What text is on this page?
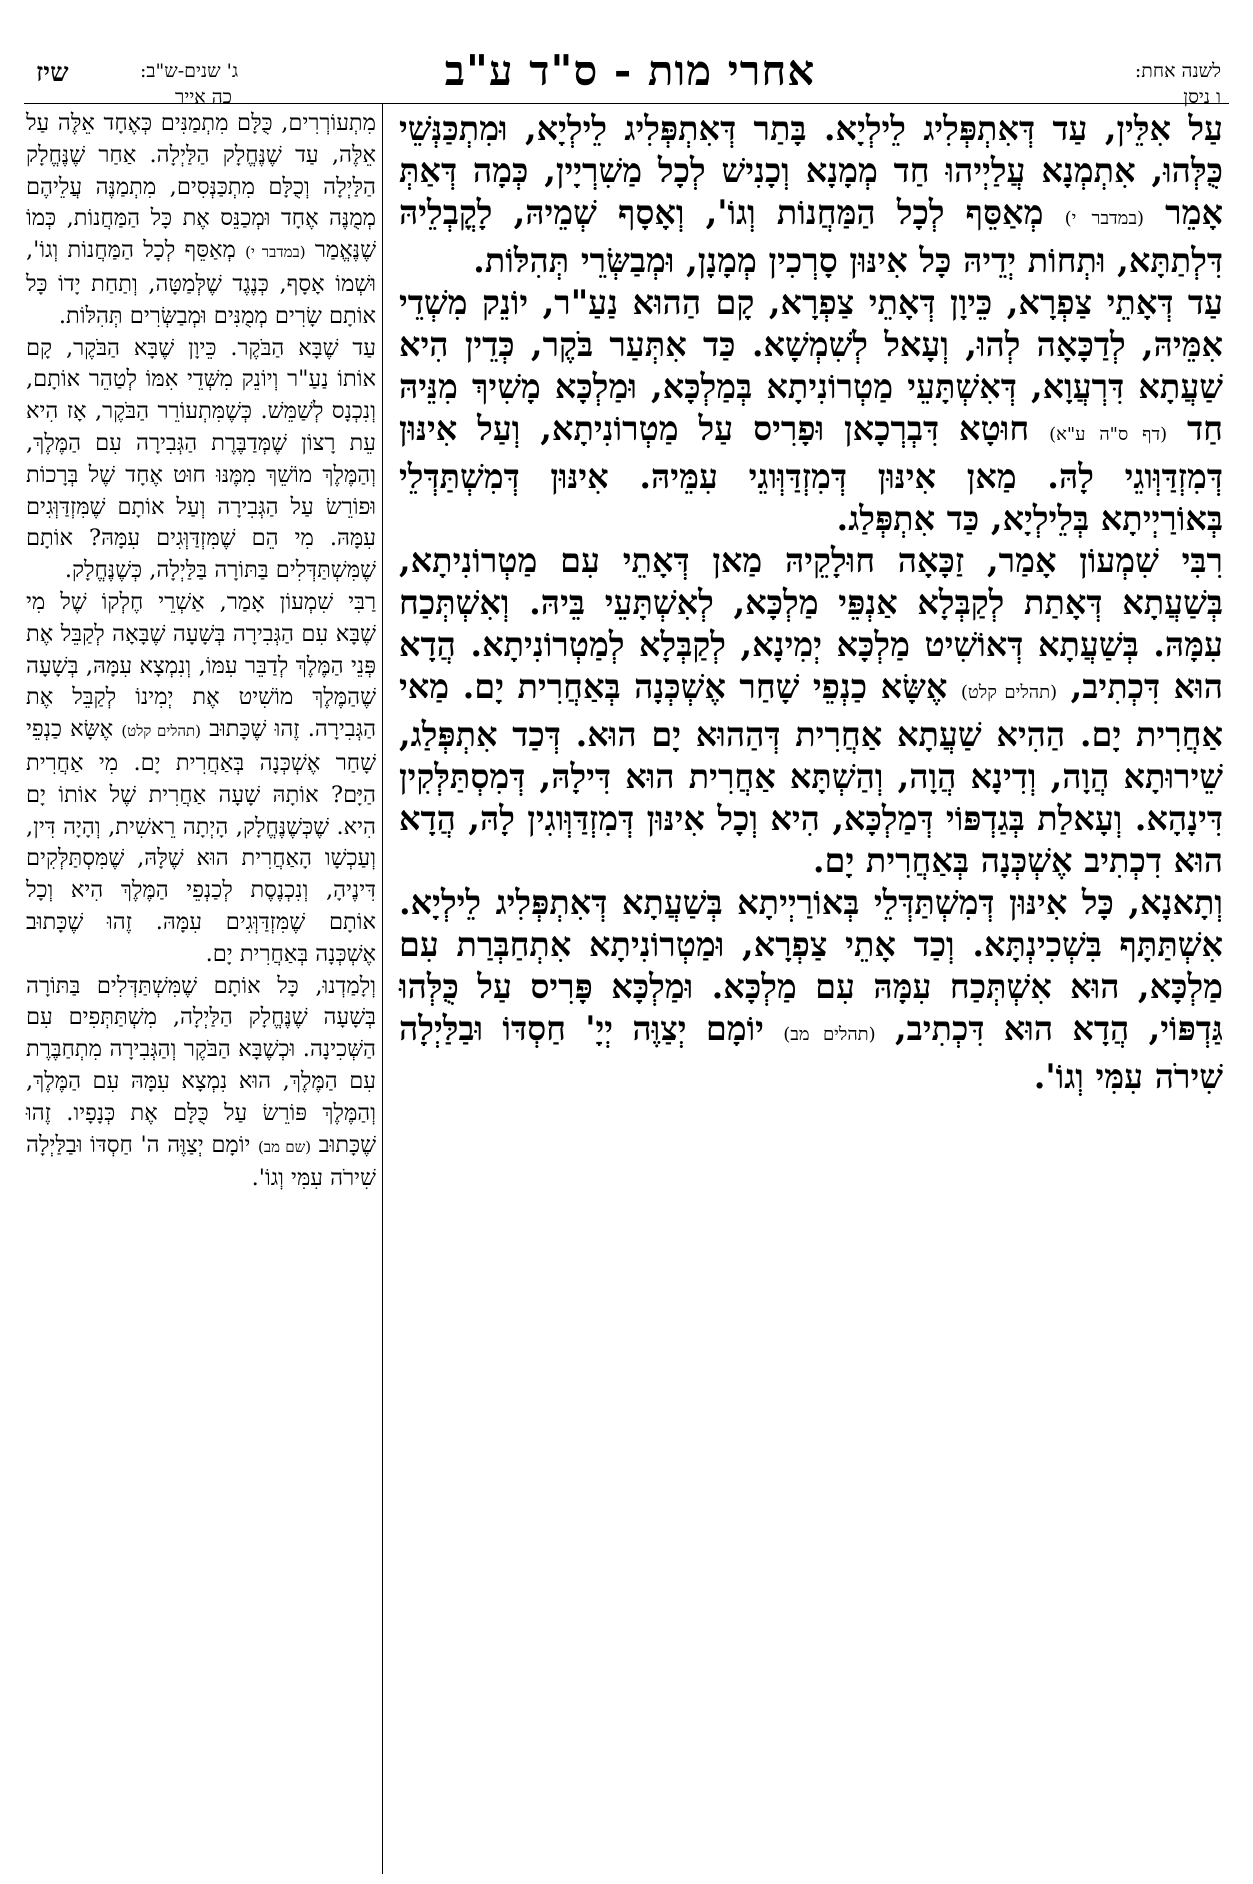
לשנה אחת:
ו ניסן
אחרי מות - ס"ד ע"ב
ג' שנים-ש"ב:
כה אייר
שיז

עַל אִלֵּין, עַד דְּאִתְפְּלִיג לֵילְיָא. בָּתַר דְּאִתְפְּלִיג לֵילְיָא, וּמִתְכַּנְּשֵׁי כֻּלְּהוּ, אִתְמְנָא עֲלַיְיהוּ חַד מְמָנָא וְכָנִישׁ לְכָל מַשִׁרְיָין, כְּמָה דְּאַתְּ אָמֵר (במדבר י) מְאַסֵּף לְכָל הַמַּחֲנוֹת וְגוֹ', וְאָסָף שְׁמֵיהּ, לָקֳבְלֵיהּ דִּלְתַתָּא, וּתְחוֹת יְדֵיהּ כָּל אִינּוּן סָרְכִין מְמָנָן, וּמְבַשְּׂרֵי תְּהִלּוֹת.

עַד דְּאָתֵי צַפְרָא, כֵּיוָן דְּאָתֵי צַפְרָא, קָם הַהוּא נַעַ"ר, יוֹנֵק מִשְׁדֵי אִמֵּיהּ, לְדַכָּאָה לְהוּ, וְעָאל לְשִׁמְשָׁא. כַּד אִתְּעַר בֹּקֶר, כְּדֵין הִיא שַׁעֲתָא דִּרְעֲוָא, דְּאִשְׁתָּעֵי מַטְרוֹנִיתָא בְּמַלְכָּא, וּמַלְכָּא מָשִׁיךְ מִנֵּיהּ חַד (דף ס"ה ע"א) חוּטָא דִּבְרְכָאן וּפָרִיס עַל מַטְרוֹנִיתָא, וְעַל אִינּוּן דְּמִזְדַּוְּוגֵי לָהּ. מַאן אִינּוּן דְּמִזְדַּוְּוגֵי עִמֵּיהּ. אִינּוּן דְּמִשְׁתַּדְּלֵי בְּאוֹרַיְיתָא בְּלֵילְיָא, כַּד אִתְפְּלַג.

רִבִּי שִׁמְעוֹן אָמַר, זַכָּאָה חוּלָקֵיהּ מַאן דְּאָתֵי עִם מַטְרוֹנִיתָא, בְּשַׁעֲתָא דְּאָתַת לְקַבְּלָא אַנְפֵּי מַלְכָּא, לְאִשְׁתָּעֵי בֵּיהּ. וְאִשְׁתְּכַח עִמָּהּ. בְּשַׁעֲתָא דְּאוֹשִׁיט מַלְכָּא יְמִינָא, לְקַבְּלָא לְמַטְרוֹנִיתָא. הֲדָא הוּא דִּכְתִיב, (תהלים קלט) אֶשָּׂא כַנְפֵי שָׁחַר אֶשְׁכְּנָה בְּאַחֲרִית יָם. מַאי אַחֲרִית יָם. הַהִיא שַׁעֲתָא אַחֲרִית דְּהַהוּא יָם הוּא. דְּכַד אִתְפְּלַג, שֵׁירוּתָא הֲוָה, וְדִינָא הֲוָה, וְהַשְׁתָּא אַחֲרִית הוּא דִּילָהּ, דְּמִסְתַּלְּקִין דִּינָהָא. וְעָאלַת בְּגַדְפּוֹי דְּמַלְכָּא, הִיא וְכָל אִינּוּן דְּמִזְדַּוְּוגִין לָהּ, הֲדָא הוּא דִכְתִיב אֶשְׁכְּנָה בְּאַחֲרִית יָם.

וְתָאנָא, כָּל אִינּוּן דְּמִשְׁתַּדְּלֵי בְּאוֹרַיְיתָא בְּשַׁעֲתָא דְּאִתְפְּלִיג לֵילְיָא. אִשְׁתַּתָּף בִּשְׁכִינְתָּא. וְכַד אָתֵי צַפְרָא, וּמַטְרוֹנִיתָא אִתְחַבְּרַת עִם מַלְכָּא, הוּא אִשְׁתְּכַח עִמָּהּ עִם מַלְכָּא. וּמַלְכָּא פָּרִיס עַל כֻּלְּהוּ גַּדְפּוֹי, הֲדָא הוּא דִּכְתִיב, (תהלים מב) יוֹמָם יְצַוֶּה יְיָ' חַסְדּוֹ וּבַלַּיְלָה שִׁירֹה עִמִּי וְגוֹ'.

מִתְעוֹרְרִים, כֻּלָּם מִתְמַנִּים כְּאֶחָד אֵלֶּה עַל אֵלֶּה, עַד שֶׁנֶּחֱלָק הַלַּיְלָה. אַחַר שֶׁנֶּחֱלָק הַלַּיְלָה וְכֻלָּם מִתְכַּנְּסִים, מִתְמַנֶּה עֲלֵיהֶם מְמֻנֶּה אֶחָד וּמְכַנֵּס אֶת כָּל הַמַּחֲנוֹת, כְּמוֹ שֶׁנֶּאֱמַר (במדבר י) מְאַסֵּף לְכָל הַמַּחֲנוֹת וְגוֹ', וּשְׁמוֹ אָסָף, כְּנֶגֶד שֶׁלְּמַטָּה, וְתַחַת יָדוֹ כָּל אוֹתָם שָׂרִים מְמֻנִּים וּמְבַשְּׂרִים תְּהִלּוֹת.

עַד שֶׁבָּא הַבֹּקֶר. כֵּיוָן שֶׁבָּא הַבֹּקֶר, קָם אוֹתוֹ נַעַ"ר וְיוֹנֵק מִשְּׁדֵי אִמּוֹ לְטַהֵר אוֹתָם, וְנִכְנָס לְשַׁמֵּשׁ. כְּשֶׁמִּתְעוֹרֵר הַבֹּקֶר, אָז הִיא עֵת רָצוֹן שֶׁמְּדַבֶּרֶת הַגְּבִירָה עִם הַמֶּלֶךְ, וְהַמֶּלֶךְ מוֹשֵׁךְ מִמֶּנּוּ חוּט אֶחָד שֶׁל בְּרָכוֹת וּפוֹרֵשׂ עַל הַגְּבִירָה וְעַל אוֹתָם שֶׁמִּזְדַּוְּגִים עִמָּהּ. מִי הֵם שֶׁמִּזְדַּוְּגִים עִמָּהּ? אוֹתָם שֶׁמִּשְׁתַּדְּלִים בַּתּוֹרָה בַּלַּיְלָה, כְּשֶׁנֶּחֱלָק.

רַבִּי שִׁמְעוֹן אָמַר, אַשְׁרֵי חֶלְקוֹ שֶׁל מִי שֶׁבָּא עִם הַגְּבִירָה בְּשָׁעָה שֶׁבָּאָה לְקַבֵּל אֶת פְּנֵי הַמֶּלֶךְ לְדַבֵּר עִמּוֹ, וְנִמְצָא עִמָּהּ, בְּשָׁעָה שֶׁהַמֶּלֶךְ מוֹשִׁיט אֶת יְמִינוֹ לְקַבֵּל אֶת הַגְּבִירָה. זֶהוּ שֶׁכָּתוּב (תהלים קלט) אֶשָּׂא כַנְפֵי שָׁחַר אֶשְׁכְּנָה בְּאַחֲרִית יָם. מִי אַחֲרִית הַיָּם? אוֹתָהּ שָׁעָה אַחֲרִית שֶׁל אוֹתוֹ יָם הִיא. שֶׁכְּשֶׁנֶּחֱלָק, הָיְתָה רֵאשִׁית, וְהָיָה דִּין, וְעַכְשָׁו הָאַחֲרִית הוּא שֶׁלָּהּ, שֶׁמִּסְתַּלְּקִים דִּינֶיהָ, וְנִכְנֶסֶת לְכַנְפֵי הַמֶּלֶךְ הִיא וְכָל אוֹתָם שֶׁמִּזְדַּוְּגִים עִמָּהּ. זֶהוּ שֶׁכָּתוּב אֶשְׁכְּנָה בְּאַחֲרִית יָם.

וְלָמַדְנוּ, כָּל אוֹתָם שֶׁמִּשְׁתַּדְּלִים בַּתּוֹרָה בְּשָׁעָה שֶׁנֶּחֱלָק הַלַּיְלָה, מִשְׁתַּתְּפִים עִם הַשְּׁכִינָה. וּכְשֶׁבָּא הַבֹּקֶר וְהַגְּבִירָה מִתְחַבֶּרֶת עִם הַמֶּלֶךְ, הוּא נִמְצָא עִמָּהּ עִם הַמֶּלֶךְ, וְהַמֶּלֶךְ פּוֹרֵשׂ עַל כֻּלָּם אֶת כְּנָפָיו. זֶהוּ שֶׁכָּתוּב (שם מב) יוֹמָם יְצַוֶּה ה' חַסְדּוֹ וּבַלַּיְלָה שִׁירֹה עִמִּי וְגוֹ'.
